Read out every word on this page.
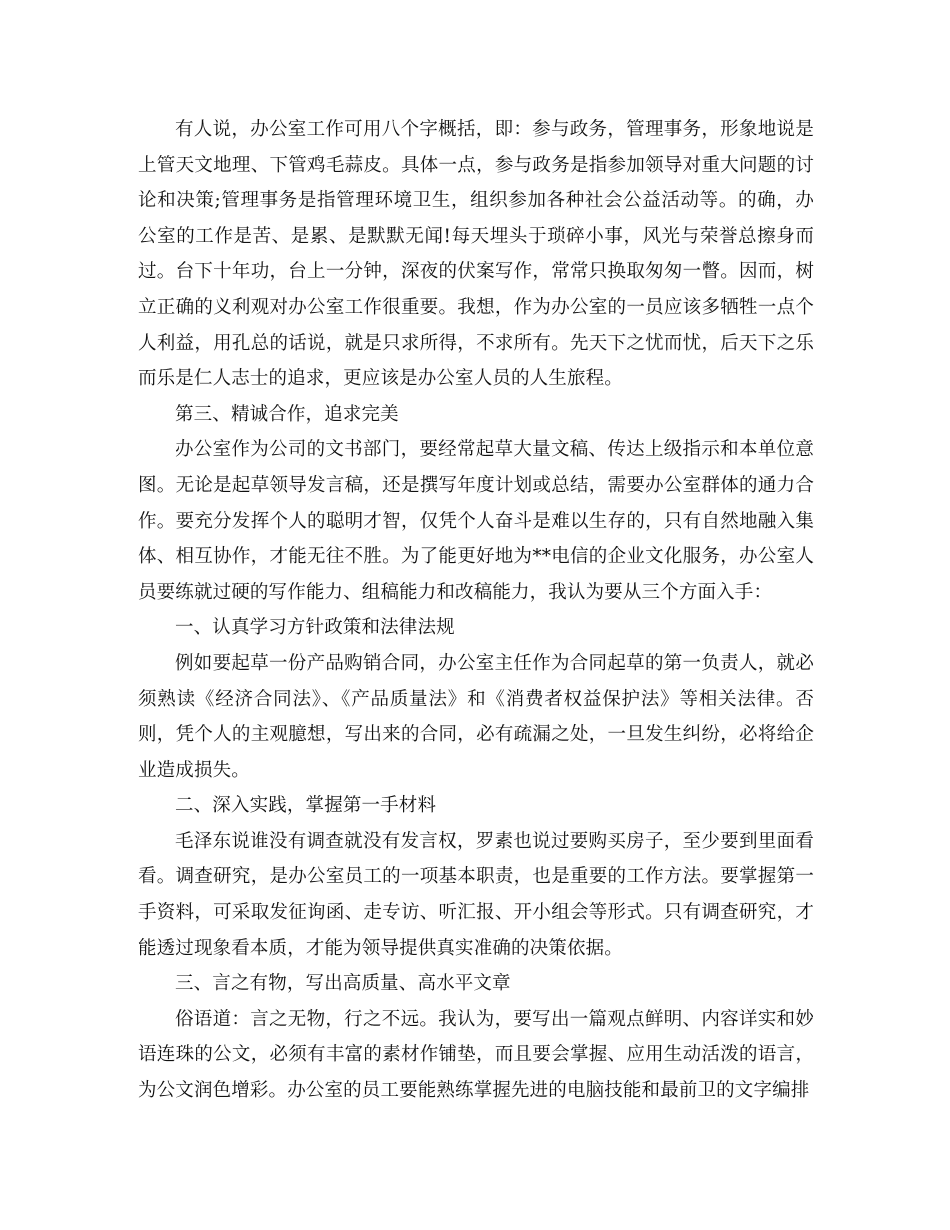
有人说，办公室工作可用八个字概括，即：参与政务，管理事务，形象地说是上管天文地理、下管鸡毛蒜皮。具体一点，参与政务是指参加领导对重大问题的讨论和决策;管理事务是指管理环境卫生，组织参加各种社会公益活动等。的确，办公室的工作是苦、是累、是默默无闻!每天埋头于琐碎小事，风光与荣誉总擦身而过。台下十年功，台上一分钟，深夜的伏案写作，常常只换取匆匆一瞥。因而，树立正确的义利观对办公室工作很重要。我想，作为办公室的一员应该多牺牲一点个人利益，用孔总的话说，就是只求所得，不求所有。先天下之忧而忧，后天下之乐而乐是仁人志士的追求，更应该是办公室人员的人生旅程。

第三、精诚合作，追求完美

办公室作为公司的文书部门，要经常起草大量文稿、传达上级指示和本单位意图。无论是起草领导发言稿，还是撰写年度计划或总结，需要办公室群体的通力合作。要充分发挥个人的聪明才智，仅凭个人奋斗是难以生存的，只有自然地融入集体、相互协作，才能无往不胜。为了能更好地为**电信的企业文化服务，办公室人员要练就过硬的写作能力、组稿能力和改稿能力，我认为要从三个方面入手：

一、认真学习方针政策和法律法规

例如要起草一份产品购销合同，办公室主任作为合同起草的第一负责人，就必须熟读《经济合同法》、《产品质量法》和《消费者权益保护法》等相关法律。否则，凭个人的主观臆想，写出来的合同，必有疏漏之处，一旦发生纠纷，必将给企业造成损失。

二、深入实践，掌握第一手材料

毛泽东说谁没有调查就没有发言权，罗素也说过要购买房子，至少要到里面看看。调查研究，是办公室员工的一项基本职责，也是重要的工作方法。要掌握第一手资料，可采取发征询函、走专访、听汇报、开小组会等形式。只有调查研究，才能透过现象看本质，才能为领导提供真实准确的决策依据。

三、言之有物，写出高质量、高水平文章

俗语道：言之无物，行之不远。我认为，要写出一篇观点鲜明、内容详实和妙语连珠的公文，必须有丰富的素材作铺垫，而且要会掌握、应用生动活泼的语言，为公文润色增彩。办公室的员工要能熟练掌握先进的电脑技能和最前卫的文字编排
